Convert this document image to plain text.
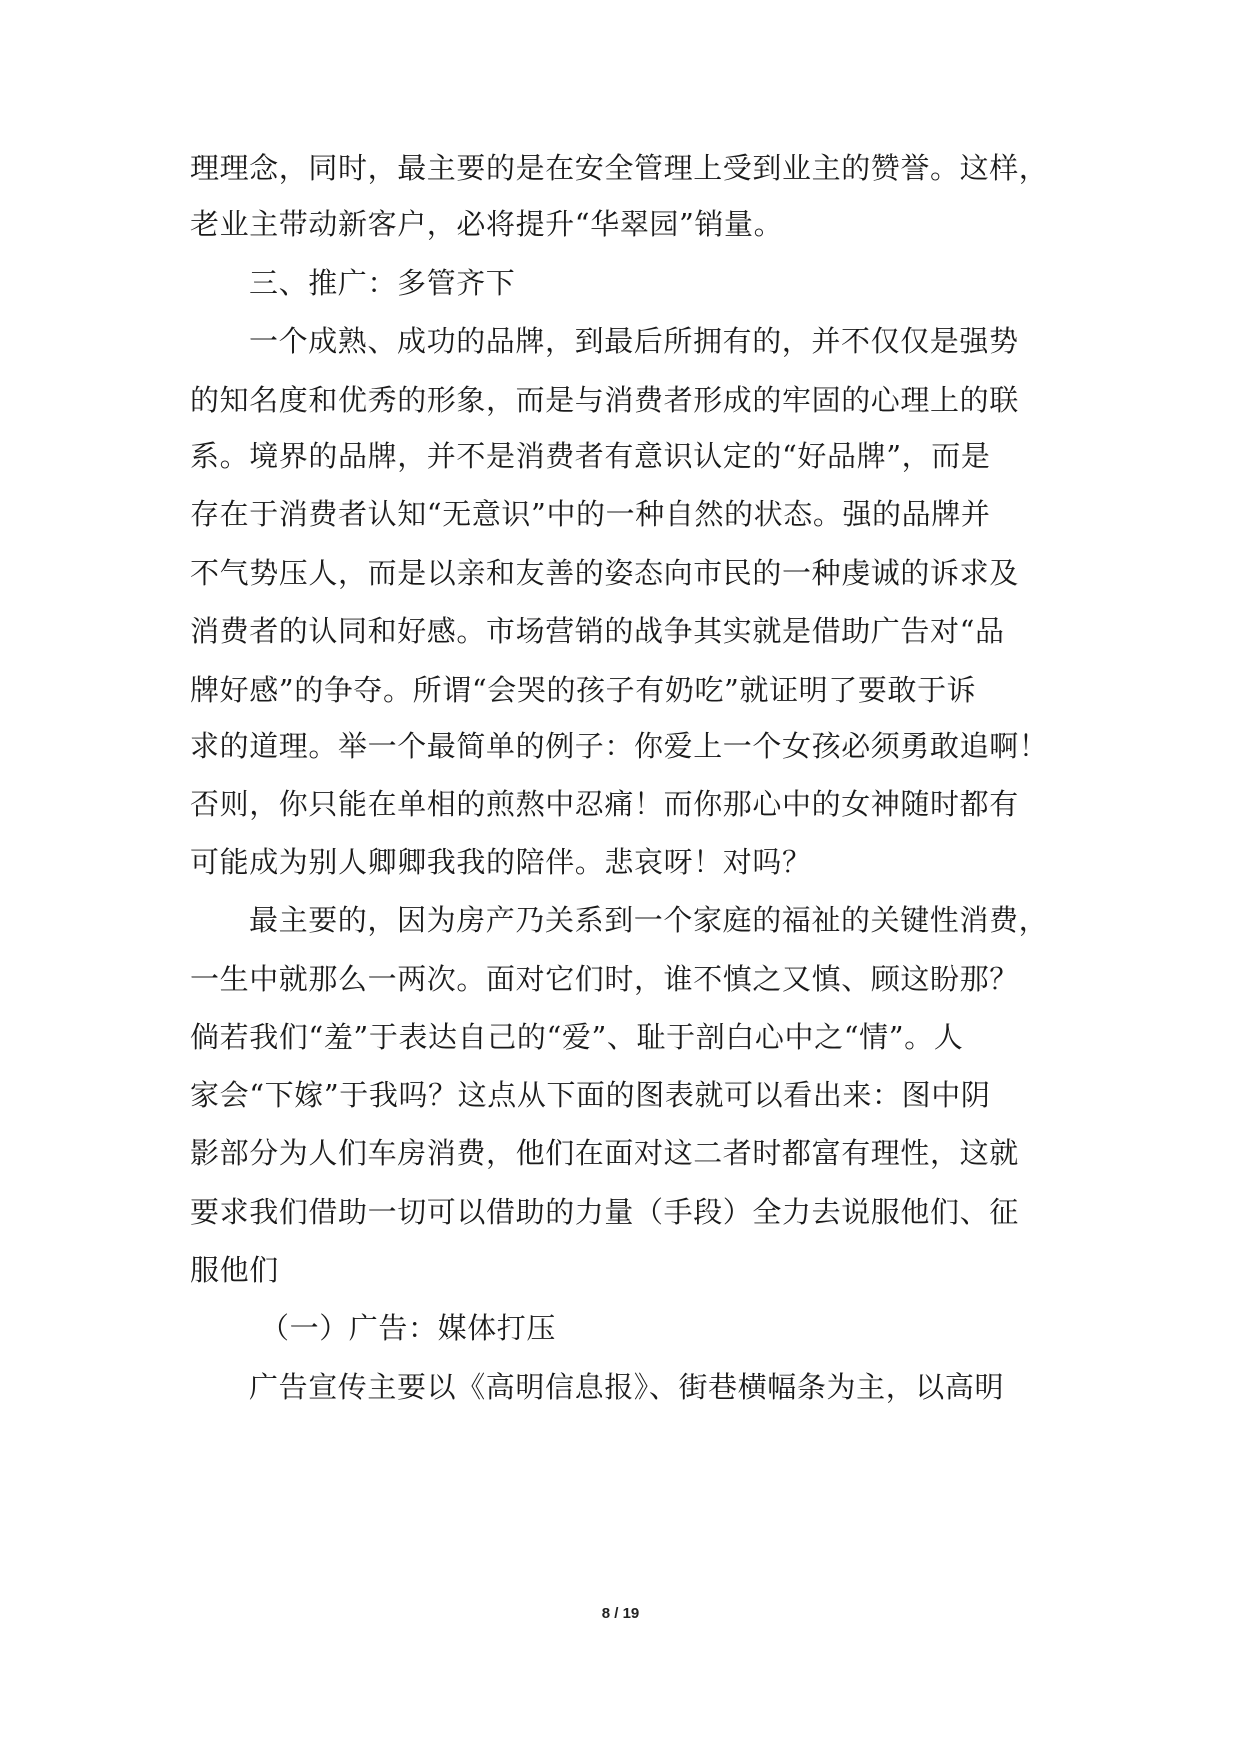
理理念，同时，最主要的是在安全管理上受到业主的赞誉。这样，
老业主带动新客户，必将提升“华翠园”销量。
三、推广：多管齐下
一个成熟、成功的品牌，到最后所拥有的，并不仅仅是强势
的知名度和优秀的形象，而是与消费者形成的牢固的心理上的联
系。境界的品牌，并不是消费者有意识认定的“好品牌”，而是
存在于消费者认知“无意识”中的一种自然的状态。强的品牌并
不气势压人，而是以亲和友善的姿态向市民的一种虔诚的诉求及
消费者的认同和好感。市场营销的战争其实就是借助广告对“品
牌好感”的争夺。所谓“会哭的孩子有奶吃”就证明了要敢于诉
求的道理。举一个最简单的例子：你爱上一个女孩必须勇敢追啊！
否则，你只能在单相的煎熬中忍痛！而你那心中的女神随时都有
可能成为别人卿卿我我的陪伴。悲哀呀！对吗？
最主要的，因为房产乃关系到一个家庭的福祉的关键性消费，
一生中就那么一两次。面对它们时，谁不慎之又慎、顾这盼那？
倘若我们“羞”于表达自己的“爱”、耻于剖白心中之“情”。人
家会“下嫁”于我吗？这点从下面的图表就可以看出来：图中阴
影部分为人们车房消费，他们在面对这二者时都富有理性，这就
要求我们借助一切可以借助的力量（手段）全力去说服他们、征
服他们
（一）广告：媒体打压
广告宣传主要以《高明信息报》、街巷横幅条为主，以高明
8 / 19
